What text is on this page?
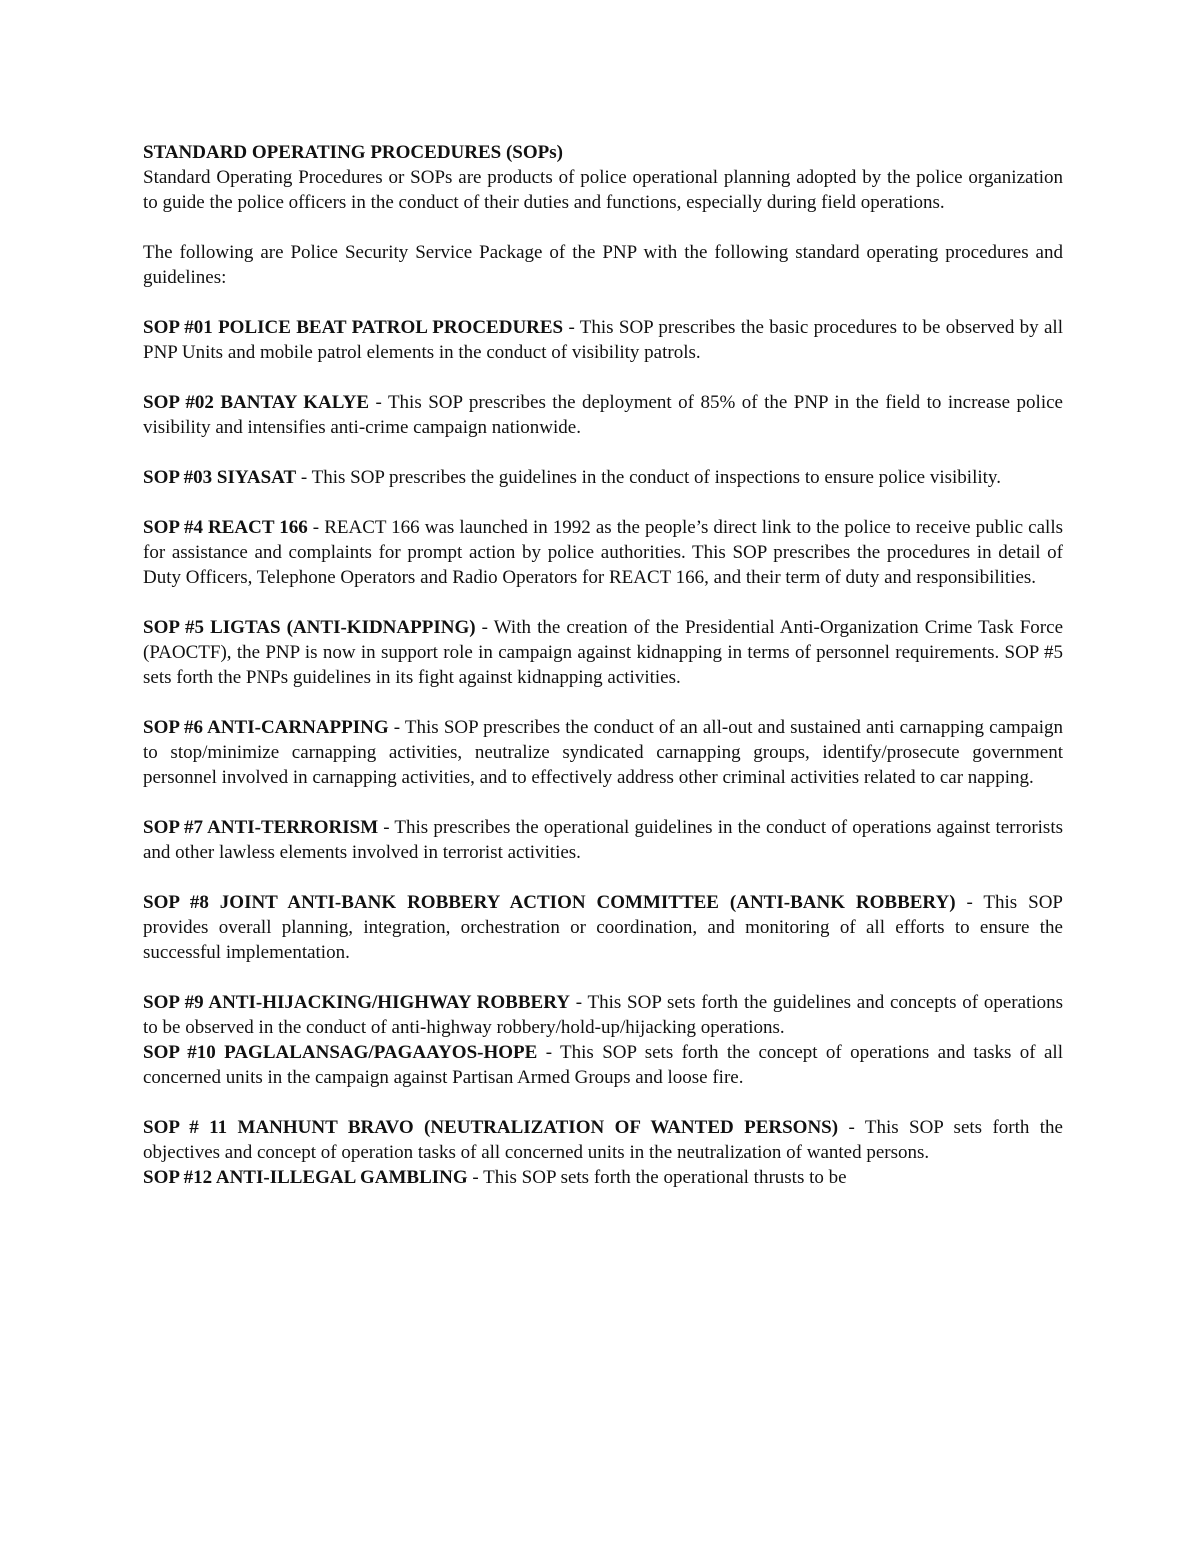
STANDARD OPERATING PROCEDURES (SOPs)

Standard Operating Procedures or SOPs are products of police operational planning adopted by the police organization to guide the police officers in the conduct of their duties and functions, especially during field operations.

The following are Police Security Service Package of the PNP with the following standard operating procedures and guidelines:

SOP #01 POLICE BEAT PATROL PROCEDURES - This SOP prescribes the basic procedures to be observed by all PNP Units and mobile patrol elements in the conduct of visibility patrols.
SOP #02 BANTAY KALYE - This SOP prescribes the deployment of 85% of the PNP in the field to increase police visibility and intensifies anti-crime campaign nationwide.
SOP #03 SIYASAT - This SOP prescribes the guidelines in the conduct of inspections to ensure police visibility.
SOP #4 REACT 166 - REACT 166 was launched in 1992 as the people’s direct link to the police to receive public calls for assistance and complaints for prompt action by police authorities. This SOP prescribes the procedures in detail of Duty Officers, Telephone Operators and Radio Operators for REACT 166, and their term of duty and responsibilities.
SOP #5 LIGTAS (ANTI-KIDNAPPING) - With the creation of the Presidential Anti-Organization Crime Task Force (PAOCTF), the PNP is now in support role in campaign against kidnapping in terms of personnel requirements. SOP #5 sets forth the PNPs guidelines in its fight against kidnapping activities.
SOP #6 ANTI-CARNAPPING - This SOP prescribes the conduct of an all-out and sustained anti carnapping campaign to stop/minimize carnapping activities, neutralize syndicated carnapping groups, identify/prosecute government personnel involved in carnapping activities, and to effectively address other criminal activities related to car napping.
SOP #7 ANTI-TERRORISM - This prescribes the operational guidelines in the conduct of operations against terrorists and other lawless elements involved in terrorist activities.
SOP #8 JOINT ANTI-BANK ROBBERY ACTION COMMITTEE (ANTI-BANK ROBBERY) - This SOP provides overall planning, integration, orchestration or coordination, and monitoring of all efforts to ensure the successful implementation.
SOP #9 ANTI-HIJACKING/HIGHWAY ROBBERY - This SOP sets forth the guidelines and concepts of operations to be observed in the conduct of anti-highway robbery/hold-up/hijacking operations.
SOP #10 PAGLALANSAG/PAGAAYOS-HOPE - This SOP sets forth the concept of operations and tasks of all concerned units in the campaign against Partisan Armed Groups and loose fire.
SOP # 11 MANHUNT BRAVO (NEUTRALIZATION OF WANTED PERSONS) - This SOP sets forth the objectives and concept of operation tasks of all concerned units in the neutralization of wanted persons.
SOP #12 ANTI-ILLEGAL GAMBLING - This SOP sets forth the operational thrusts to be
